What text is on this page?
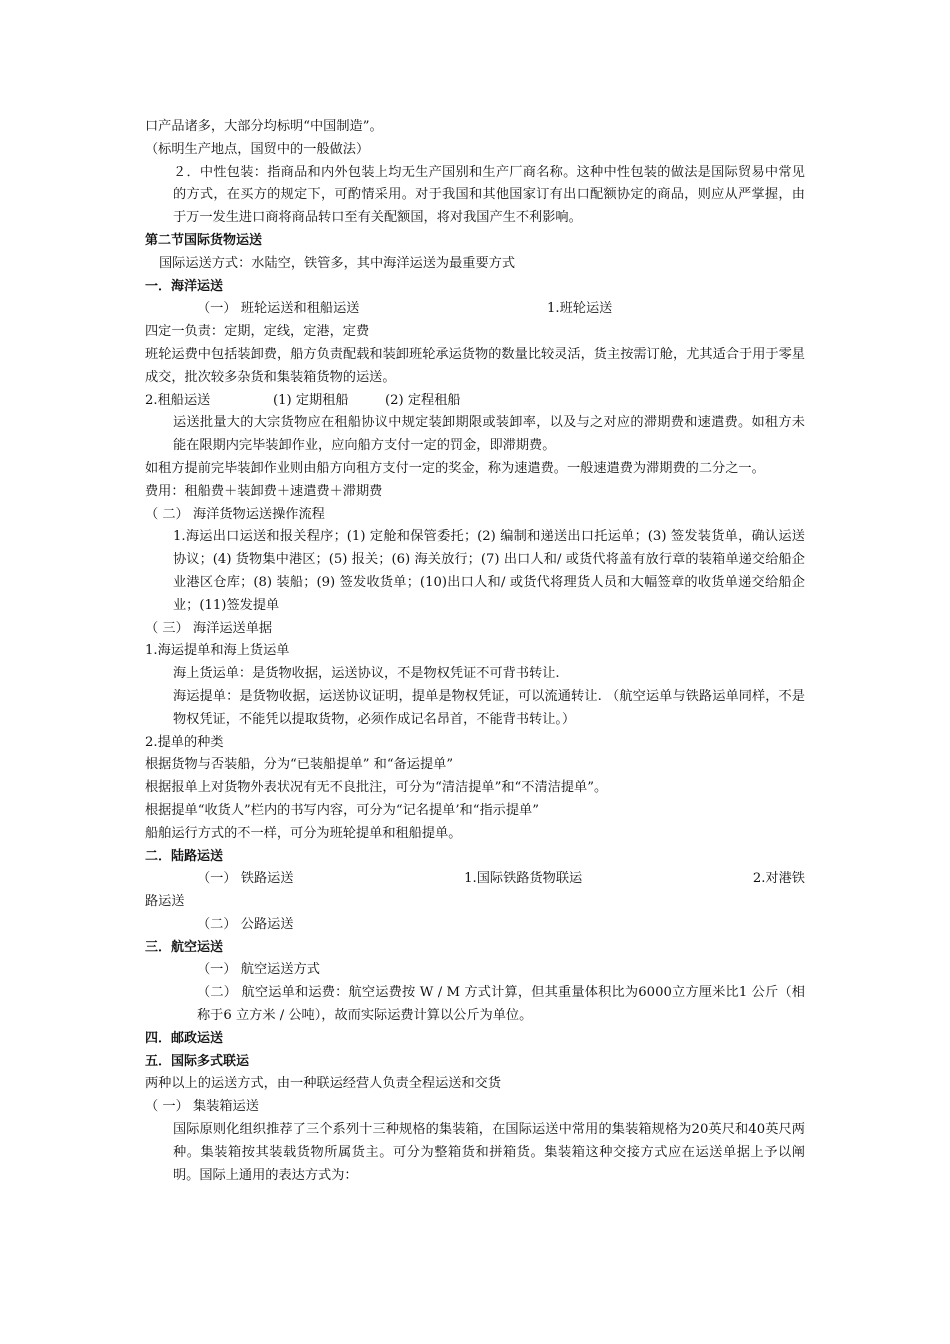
口产品诸多，大部分均标明“中国制造”。

（标明生产地点，国贸中的一般做法）

２．中性包装：指商品和内外包装上均无生产国别和生产厂商名称。这种中性包装的做法是国际贸易中常见的方式，在买方的规定下，可酌情采用。对于我国和其他国家订有出口配额协定的商品，则应从严掌握，由于万一发生进口商将商品转口至有关配额国，将对我国产生不利影响。

第二节国际货物运送

国际运送方式：水陆空，铁管多，其中海洋运送为最重要方式

一．海洋运送

（一） 班轮运送和租船运送	1.班轮运送

四定一负责：定期，定线，定港，定费

班轮运费中包括装卸费，船方负责配载和装卸班轮承运货物的数量比较灵活，货主按需订舱，尤其适合于用于零星成交，批次较多杂货和集装箱货物的运送。

2.租船运送	(1) 定期租船	(2) 定程租船

运送批量大的大宗货物应在租船协议中规定装卸期限或装卸率，以及与之对应的滞期费和速遣费。如租方未能在限期内完毕装卸作业，应向船方支付一定的罚金，即滞期费。

如租方提前完毕装卸作业则由船方向租方支付一定的奖金，称为速遣费。一般速遣费为滞期费的二分之一。

费用：租船费＋装卸费＋速遣费＋滞期费

（ 二） 海洋货物运送操作流程

1.海运出口运送和报关程序；(1) 定舱和保管委托；(2) 编制和递送出口托运单；(3) 签发装货单，确认运送协议；(4) 货物集中港区；(5) 报关；(6) 海关放行；(7) 出口人和/ 或货代将盖有放行章的装箱单递交给船企业港区仓库；(8) 装船；(9) 签发收货单；(10)出口人和/ 或货代将理货人员和大幅签章的收货单递交给船企业；(11)签发提单

（ 三） 海洋运送单据

1.海运提单和海上货运单

海上货运单：是货物收据，运送协议，不是物权凭证不可背书转让.

海运提单：是货物收据，运送协议证明，提单是物权凭证，可以流通转让. （航空运单与铁路运单同样，不是物权凭证，不能凭以提取货物，必须作成记名昂首，不能背书转让。）

2.提单的种类

根据货物与否装船，分为“已装船提单” 和“备运提单”

根据报单上对货物外表状况有无不良批注，可分为“清洁提单”和“不清洁提单”。

根据提单“收货人”栏内的书写内容，可分为“记名提单’和“指示提单”

船舶运行方式的不一样，可分为班轮提单和租船提单。

二．陆路运送

（一） 铁路运送	1.国际铁路货物联运	2.对港铁

路运送

（二） 公路运送

三．航空运送

（一） 航空运送方式

（二） 航空运单和运费：航空运费按 W / M 方式计算，但其重量体积比为6000立方厘米比1 公斤（相称于6 立方米 / 公吨），故而实际运费计算以公斤为单位。

四．邮政运送

五．国际多式联运

两种以上的运送方式，由一种联运经营人负责全程运送和交货

（ 一） 集装箱运送

国际原则化组织推荐了三个系列十三种规格的集装箱，在国际运送中常用的集装箱规格为20英尺和40英尺两种。集装箱按其装载货物所属货主。可分为整箱货和拼箱货。集装箱这种交接方式应在运送单据上予以阐明。国际上通用的表达方式为：
